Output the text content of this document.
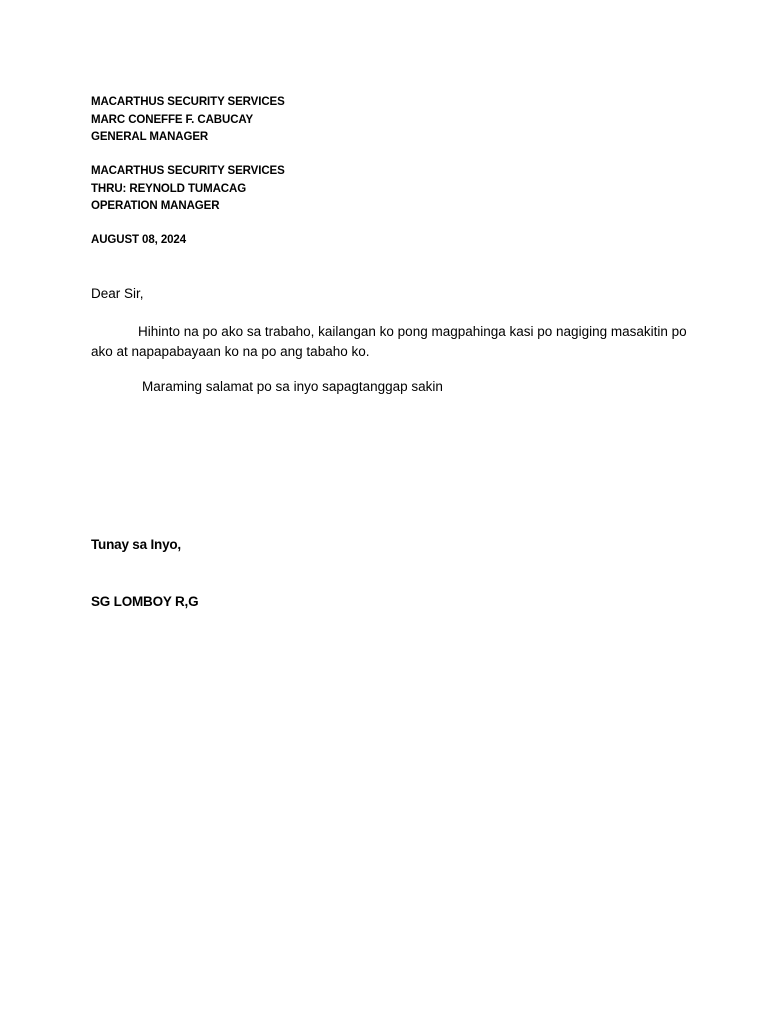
MACARTHUS SECURITY SERVICES
MARC CONEFFE F. CABUCAY
GENERAL MANAGER
MACARTHUS SECURITY SERVICES
THRU: REYNOLD TUMACAG
OPERATION MANAGER
AUGUST 08, 2024
Dear Sir,
Hihinto na po ako sa trabaho, kailangan ko pong magpahinga kasi po nagiging masakitin po ako at napapabayaan ko na po ang tabaho ko.
Maraming salamat po sa inyo sapagtanggap sakin
Tunay sa Inyo,
SG LOMBOY R,G
